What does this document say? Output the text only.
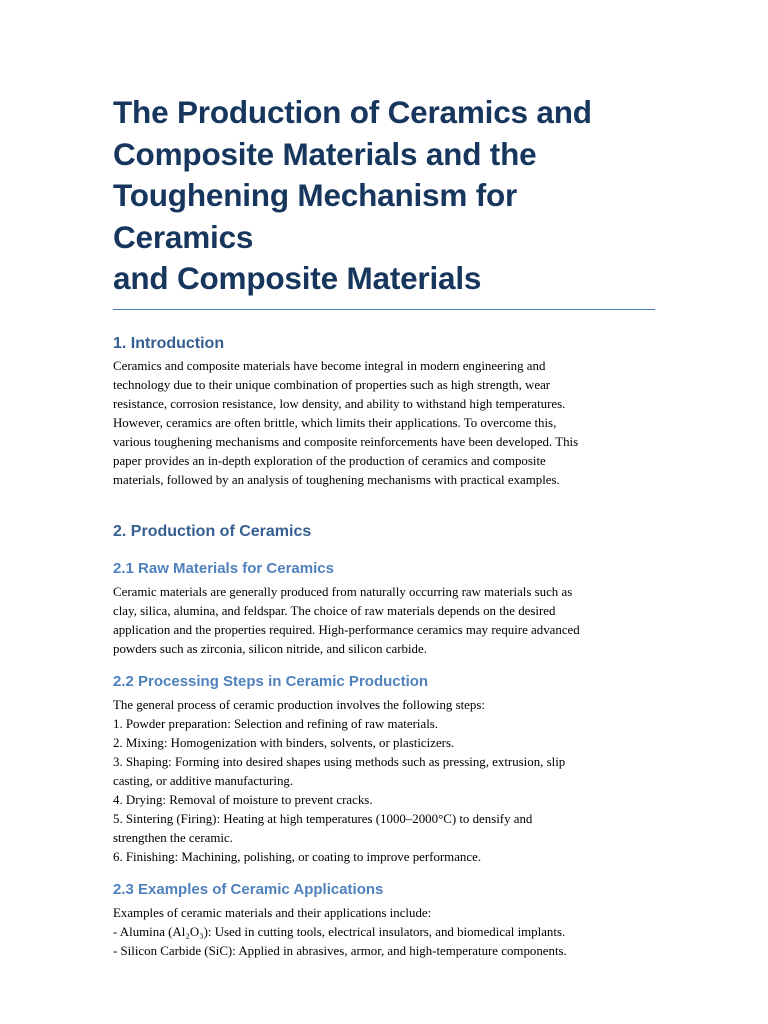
The Production of Ceramics and
Composite Materials and the
Toughening Mechanism for Ceramics
and Composite Materials
1. Introduction
Ceramics and composite materials have become integral in modern engineering and
technology due to their unique combination of properties such as high strength, wear
resistance, corrosion resistance, low density, and ability to withstand high temperatures.
However, ceramics are often brittle, which limits their applications. To overcome this,
various toughening mechanisms and composite reinforcements have been developed. This
paper provides an in-depth exploration of the production of ceramics and composite
materials, followed by an analysis of toughening mechanisms with practical examples.
2. Production of Ceramics
2.1 Raw Materials for Ceramics
Ceramic materials are generally produced from naturally occurring raw materials such as
clay, silica, alumina, and feldspar. The choice of raw materials depends on the desired
application and the properties required. High-performance ceramics may require advanced
powders such as zirconia, silicon nitride, and silicon carbide.
2.2 Processing Steps in Ceramic Production
The general process of ceramic production involves the following steps:
1. Powder preparation: Selection and refining of raw materials.
2. Mixing: Homogenization with binders, solvents, or plasticizers.
3. Shaping: Forming into desired shapes using methods such as pressing, extrusion, slip
casting, or additive manufacturing.
4. Drying: Removal of moisture to prevent cracks.
5. Sintering (Firing): Heating at high temperatures (1000–2000°C) to densify and
strengthen the ceramic.
6. Finishing: Machining, polishing, or coating to improve performance.
2.3 Examples of Ceramic Applications
Examples of ceramic materials and their applications include:
- Alumina (Al₂O₃): Used in cutting tools, electrical insulators, and biomedical implants.
- Silicon Carbide (SiC): Applied in abrasives, armor, and high-temperature components.
